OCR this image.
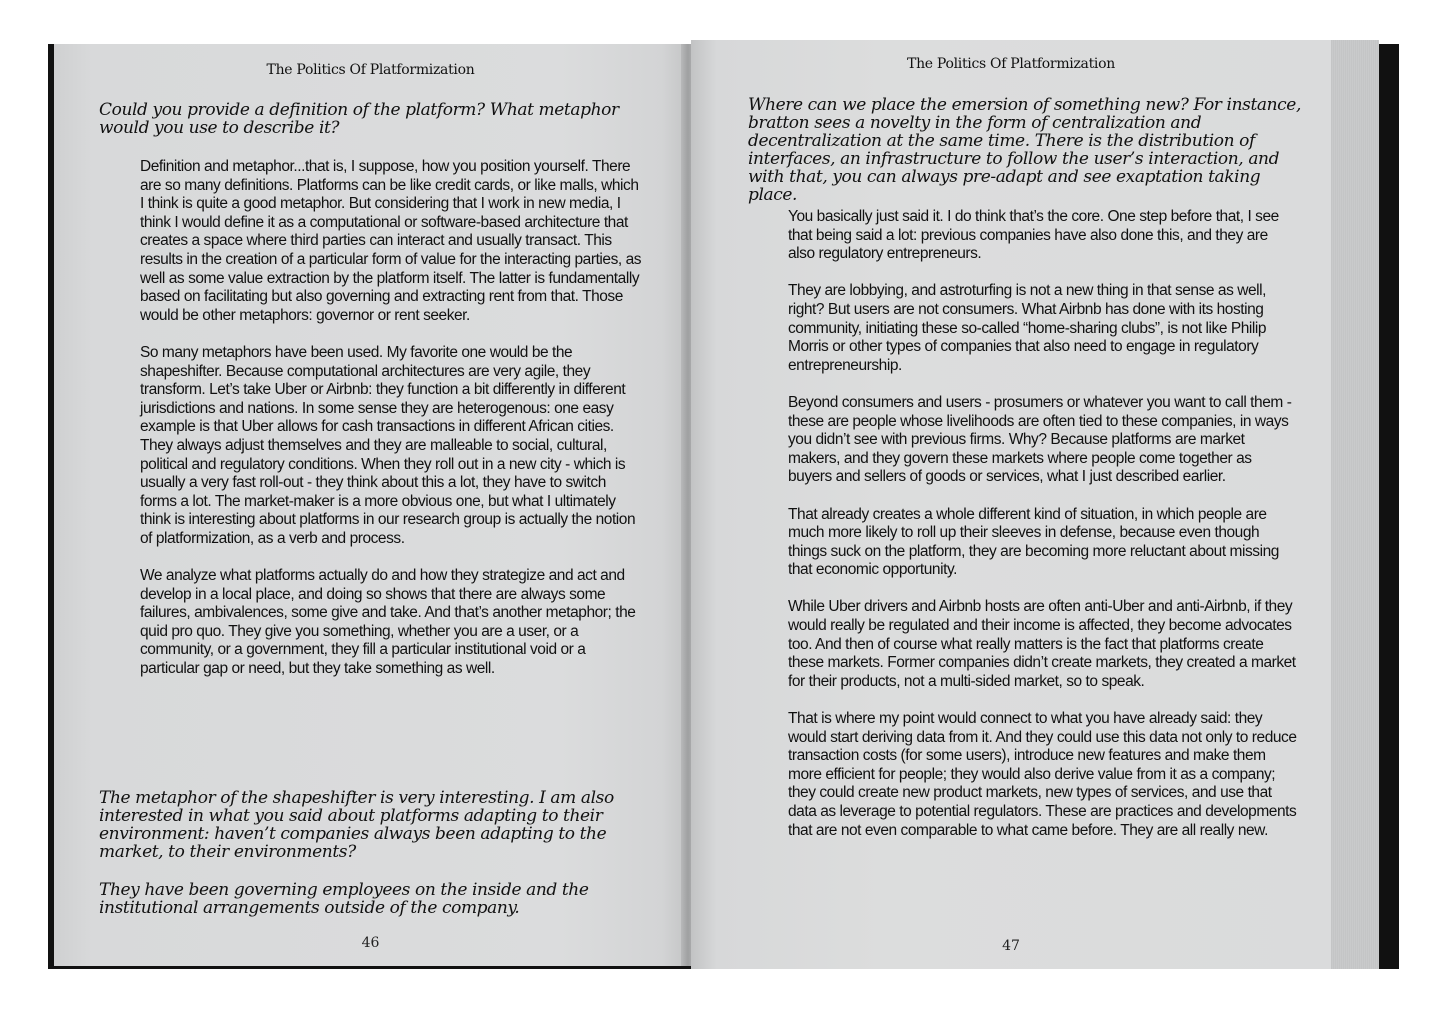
The Politics Of Platformization

Could you provide a definition of the platform? What metaphor would you use to describe it?

Definition and metaphor...that is, I suppose, how you position yourself. There are so many definitions. Platforms can be like credit cards, or like malls, which I think is quite a good metaphor. But considering that I work in new media, I think I would define it as a computational or software-based architecture that creates a space where third parties can interact and usually transact. This results in the creation of a particular form of value for the interacting parties, as well as some value extraction by the platform itself. The latter is fundamentally based on facilitating but also governing and extracting rent from that. Those would be other metaphors: governor or rent seeker.

So many metaphors have been used. My favorite one would be the shapeshifter. Because computational architectures are very agile, they transform. Let’s take Uber or Airbnb: they function a bit differently in different jurisdictions and nations. In some sense they are heterogenous: one easy example is that Uber allows for cash transactions in different African cities. They always adjust themselves and they are malleable to social, cultural, political and regulatory conditions. When they roll out in a new city - which is usually a very fast roll-out - they think about this a lot, they have to switch forms a lot. The market-maker is a more obvious one, but what I ultimately think is interesting about platforms in our research group is actually the notion of platformization, as a verb and process.

We analyze what platforms actually do and how they strategize and act and develop in a local place, and doing so shows that there are always some failures, ambivalences, some give and take. And that’s another metaphor; the quid pro quo. They give you something, whether you are a user, or a community, or a government, they fill a particular institutional void or a particular gap or need, but they take something as well.

The metaphor of the shapeshifter is very interesting. I am also interested in what you said about platforms adapting to their environment: haven’t companies always been adapting to the market, to their environments?

They have been governing employees on the inside and the institutional arrangements outside of the company.

46
The Politics Of Platformization

Where can we place the emersion of something new? For instance, bratton sees a novelty in the form of centralization and decentralization at the same time. There is the distribution of interfaces, an infrastructure to follow the user’s interaction, and with that, you can always pre-adapt and see exaptation taking place.

You basically just said it. I do think that’s the core. One step before that, I see that being said a lot: previous companies have also done this, and they are also regulatory entrepreneurs.

They are lobbying, and astroturfing is not a new thing in that sense as well, right? But users are not consumers. What Airbnb has done with its hosting community, initiating these so-called “home-sharing clubs”, is not like Philip Morris or other types of companies that also need to engage in regulatory entrepreneurship.

Beyond consumers and users - prosumers or whatever you want to call them - these are people whose livelihoods are often tied to these companies, in ways you didn’t see with previous firms. Why? Because platforms are market makers, and they govern these markets where people come together as buyers and sellers of goods or services, what I just described earlier.

That already creates a whole different kind of situation, in which people are much more likely to roll up their sleeves in defense, because even though things suck on the platform, they are becoming more reluctant about missing that economic opportunity.

While Uber drivers and Airbnb hosts are often anti-Uber and anti-Airbnb, if they would really be regulated and their income is affected, they become advocates too. And then of course what really matters is the fact that platforms create these markets. Former companies didn’t create markets, they created a market for their products, not a multi-sided market, so to speak.

That is where my point would connect to what you have already said: they would start deriving data from it. And they could use this data not only to reduce transaction costs (for some users), introduce new features and make them more efficient for people; they would also derive value from it as a company; they could create new product markets, new types of services, and use that data as leverage to potential regulators. These are practices and developments that are not even comparable to what came before. They are all really new.

47
